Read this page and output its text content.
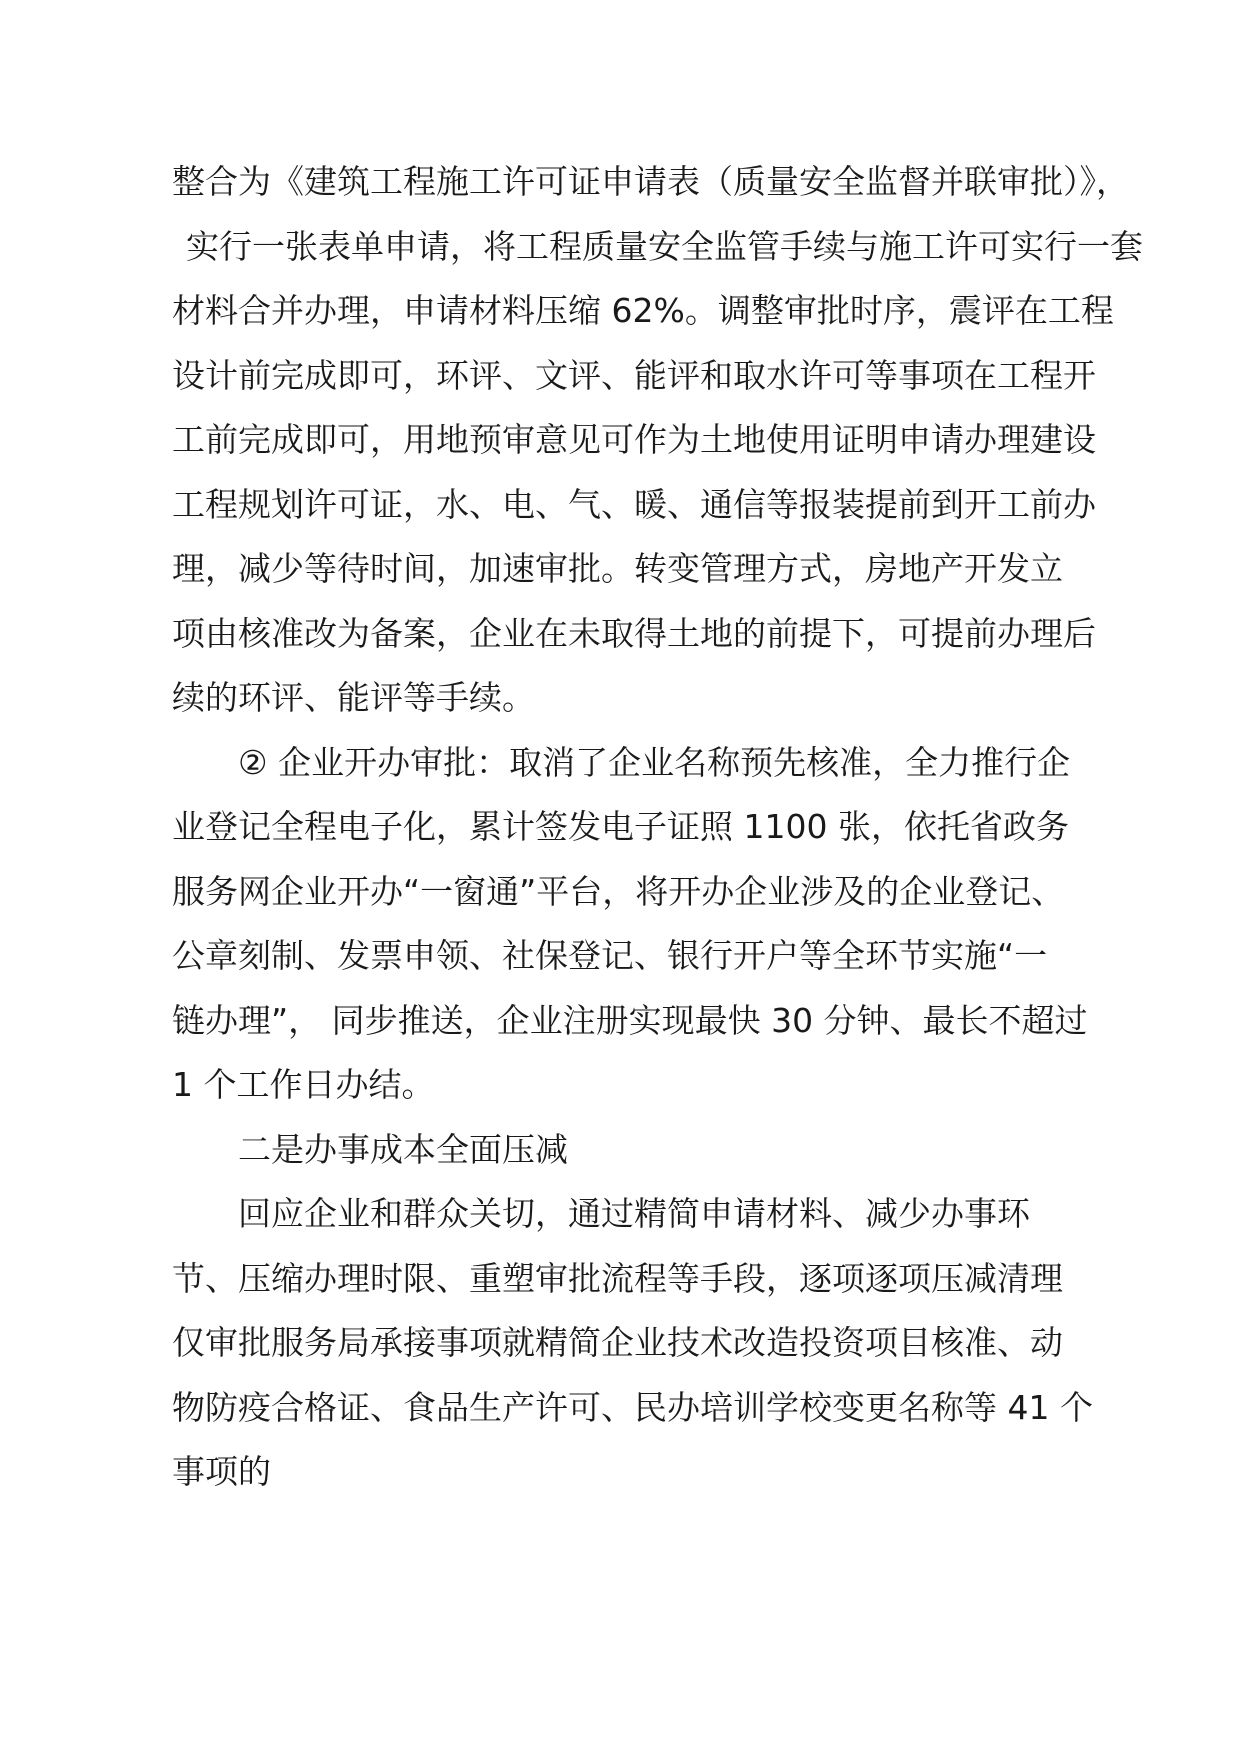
整合为《建筑工程施工许可证申请表（质量安全监督并联审批）》，
实行一张表单申请，将工程质量安全监管手续与施工许可实行一套
材料合并办理，申请材料压缩 62%。调整审批时序，震评在工程
设计前完成即可，环评、文评、能评和取水许可等事项在工程开
工前完成即可，用地预审意见可作为土地使用证明申请办理建设
工程规划许可证，水、电、气、暖、通信等报装提前到开工前办
理，减少等待时间，加速审批。转变管理方式，房地产开发立
项由核准改为备案，企业在未取得土地的前提下，可提前办理后
续的环评、能评等手续。
② 企业开办审批：取消了企业名称预先核准，全力推行企
业登记全程电子化，累计签发电子证照 1100 张，依托省政务
服务网企业开办“一窗通”平台，将开办企业涉及的企业登记、
公章刻制、发票申领、社保登记、银行开户等全环节实施“一
链办理”， 同步推送，企业注册实现最快 30 分钟、最长不超过
1 个工作日办结。
二是办事成本全面压减
回应企业和群众关切，通过精简申请材料、减少办事环
节、压缩办理时限、重塑审批流程等手段，逐项逐项压减清理
仅审批服务局承接事项就精简企业技术改造投资项目核准、动
物防疫合格证、食品生产许可、民办培训学校变更名称等 41 个
事项的
